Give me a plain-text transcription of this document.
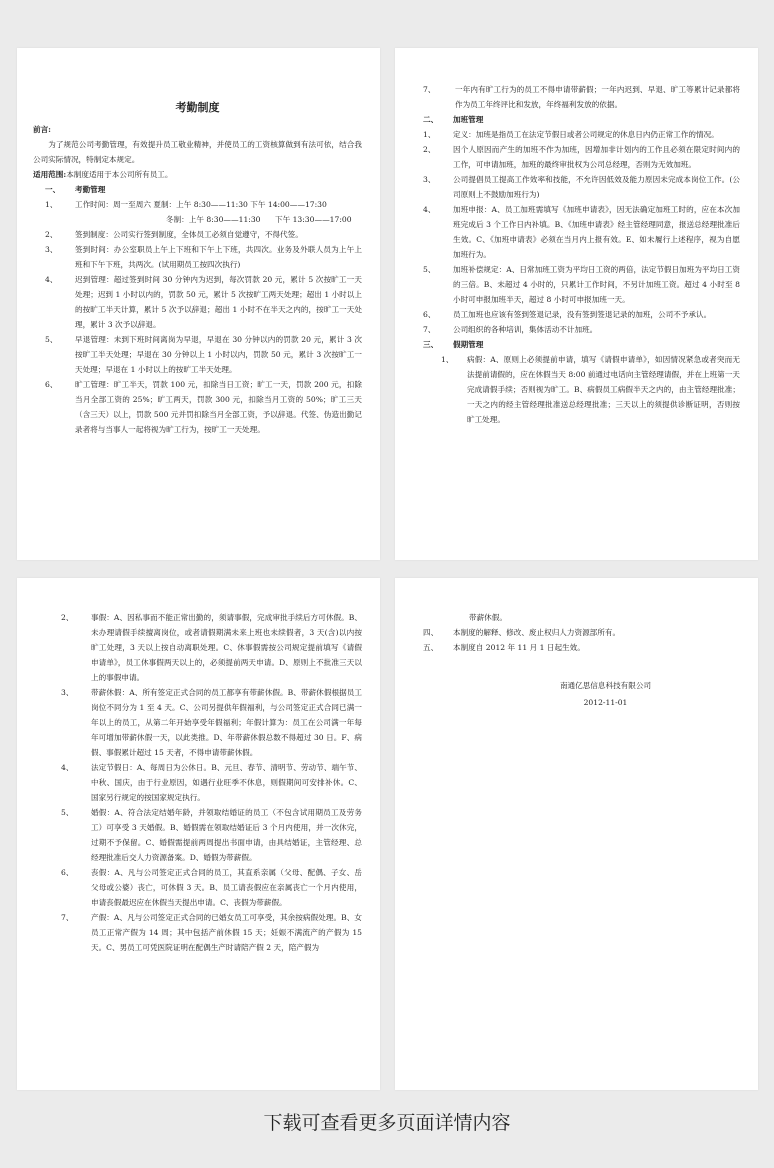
考勤制度

前言:

为了规范公司考勤管理，有效提升员工敬业精神，并使员工的工资核算做到有法可依，结合我公司实际情况，特制定本规定。

适用范围:本制度适用于本公司所有员工。

一、	考勤管理
1、	工作时间：周一至周六 夏制：上午 8:30——11:30 下午 14:00——17:30

冬制：上午 8:30——11:30      下午 13:30——17:00

2、	签到制度：公司实行签到制度，全体员工必须自觉遵守，不得代签。
3、	签到时间：办公室职员上午上下班和下午上下班，共四次。业务及外联人员为上午上班和下午下班，共两次。(试用期员工按四次执行)
4、	迟到管理：超过签到时间 30 分钟内为迟到，每次罚款 20 元，累计 5 次按旷工一天处理；迟到 1 小时以内的，罚款 50 元，累计 5 次按旷工两天处理；超出 1 小时以上的按旷工半天计算，累计 5 次予以辞退；超出 1 小时不在半天之内的，按旷工一天处理，累计 3 次予以辞退。
5、	早退管理：未到下班时间离岗为早退，早退在 30 分钟以内的罚款 20 元，累计 3 次按旷工半天处理；早退在 30 分钟以上 1 小时以内，罚款 50 元，累计 3 次按旷工一天处理；早退在 1 小时以上的按旷工半天处理。
6、	旷工管理：旷工半天，罚款 100 元，扣除当日工资；旷工一天，罚款 200 元，扣除当月全部工资的 25%；旷工两天，罚款 300 元，扣除当月工资的 50%；旷工三天（含三天）以上，罚款 500 元并罚扣除当月全部工资，予以辞退。代签、伪造出勤记录者将与当事人一起将视为旷工行为，按旷工一天处理。
7、	一年内有旷工行为的员工不得申请带薪假；一年内迟到、早退、旷工等累计记录都将作为员工年终评比和发放，年终福利发放的依据。
二、	加班管理
1、	定义：加班是指员工在法定节假日或者公司规定的休息日内仍正常工作的情况。
2、	因个人原因而产生的加班不作为加班，因增加非计划内的工作且必须在限定时间内的工作，可申请加班，加班的最终审批权为公司总经理，否则为无效加班。
3、	公司提倡员工提高工作效率和技能，不允许因低效及能力原因未完成本岗位工作。(公司原则上不鼓励加班行为)
4、	加班申报：A、员工加班需填写《加班申请表》，因无法确定加班工时的，应在本次加班完成后 3 个工作日内补填。B、《加班申请表》经主管经理同意，报送总经理批准后生效。C、《加班申请表》必须在当月内上报有效。E、如未履行上述程序，视为自愿加班行为。
5、	加班补偿规定：A、日常加班工资为平均日工资的两倍，法定节假日加班为平均日工资的三倍。B、未超过 4 小时的，只累计工作时间，不另计加班工资。超过 4 小时至 8 小时可申报加班半天，超过 8 小时可申报加班一天。
6、	员工加班也应该有签到签退记录，没有签到签退记录的加班，公司不予承认。
7、	公司组织的各种培训，集体活动不计加班。
三、	假期管理
1、	病假：A、原则上必须提前申请，填写《请假申请单》，如因情况紧急或者突而无法提前请假的，应在休假当天 8:00 前通过电话向主管经理请假，并在上班第一天完成请假手续；否则视为旷工。B、病假员工病假半天之内的，由主管经理批准；一天之内的经主管经理批准送总经理批准；三天以上的须提供诊断证明，否则按旷工处理。
2、	事假：A、因私事而不能正常出勤的，须请事假，完成审批手续后方可休假。B、未办理请假手续擅离岗位，或者请假期满未来上班也未续假者，3 天(含)以内按旷工处理，3 天以上按自动离职处理。C、休事假需按公司规定提前填写《请假申请单》，员工休事假两天以上的，必须提前两天申请。D、原则上不批准三天以上的事假申请。
3、	带薪休假：A、所有签定正式合同的员工都享有带薪休假。B、带薪休假根据员工岗位不同分为 1 至 4 天。C、公司另提供年假福利，与公司签定正式合同已满一年以上的员工，从第二年开始享受年假福利；年假计算为：员工在公司满一年每年可增加带薪休假一天，以此类推。D、年带薪休假总数不得超过 30 日。F、病假、事假累计超过 15 天者，不得申请带薪休假。
4、	法定节假日：A、每周日为公休日。B、元旦、春节、清明节、劳动节、端午节、中秋、国庆，由于行业原因，如遇行业旺季不休息，则假期间可安排补休。C、国家另行规定的按国家规定执行。
5、	婚假：A、符合法定结婚年龄，并领取结婚证的员工（不包含试用期员工及劳务工）可享受 3 天婚假。B、婚假需在领取结婚证后 3 个月内使用，并一次休完，过期不予保留。C、婚假需提前两周提出书面申请，由具结婚证，主管经理、总经理批准后交人力资源备案。D、婚假为带薪假。
6、	丧假：A、凡与公司签定正式合同的员工，其直系亲属（父母、配偶、子女、岳父母或公婆）丧亡，可休假 3 天。B、员工请丧假应在亲属丧亡一个月内使用，申请丧假最迟应在休假当天提出申请。C、丧假为带薪假。
7、	产假：A、凡与公司签定正式合同的已婚女员工可享受，其余按病假处理。B、女员工正常产假为 14 周；其中包括产前休假 15 天；妊娠不满流产的产假为 15 天。C、男员工可凭医院证明在配偶生产时请陪产假 2 天，陪产假为

带薪休假。

四、	本制度的解释、修改、废止权归人力资源部所有。
五、	本制度自 2012 年 11 月 1 日起生效。

南通亿思信息科技有限公司

2012-11-01

下载可查看更多页面详情内容
